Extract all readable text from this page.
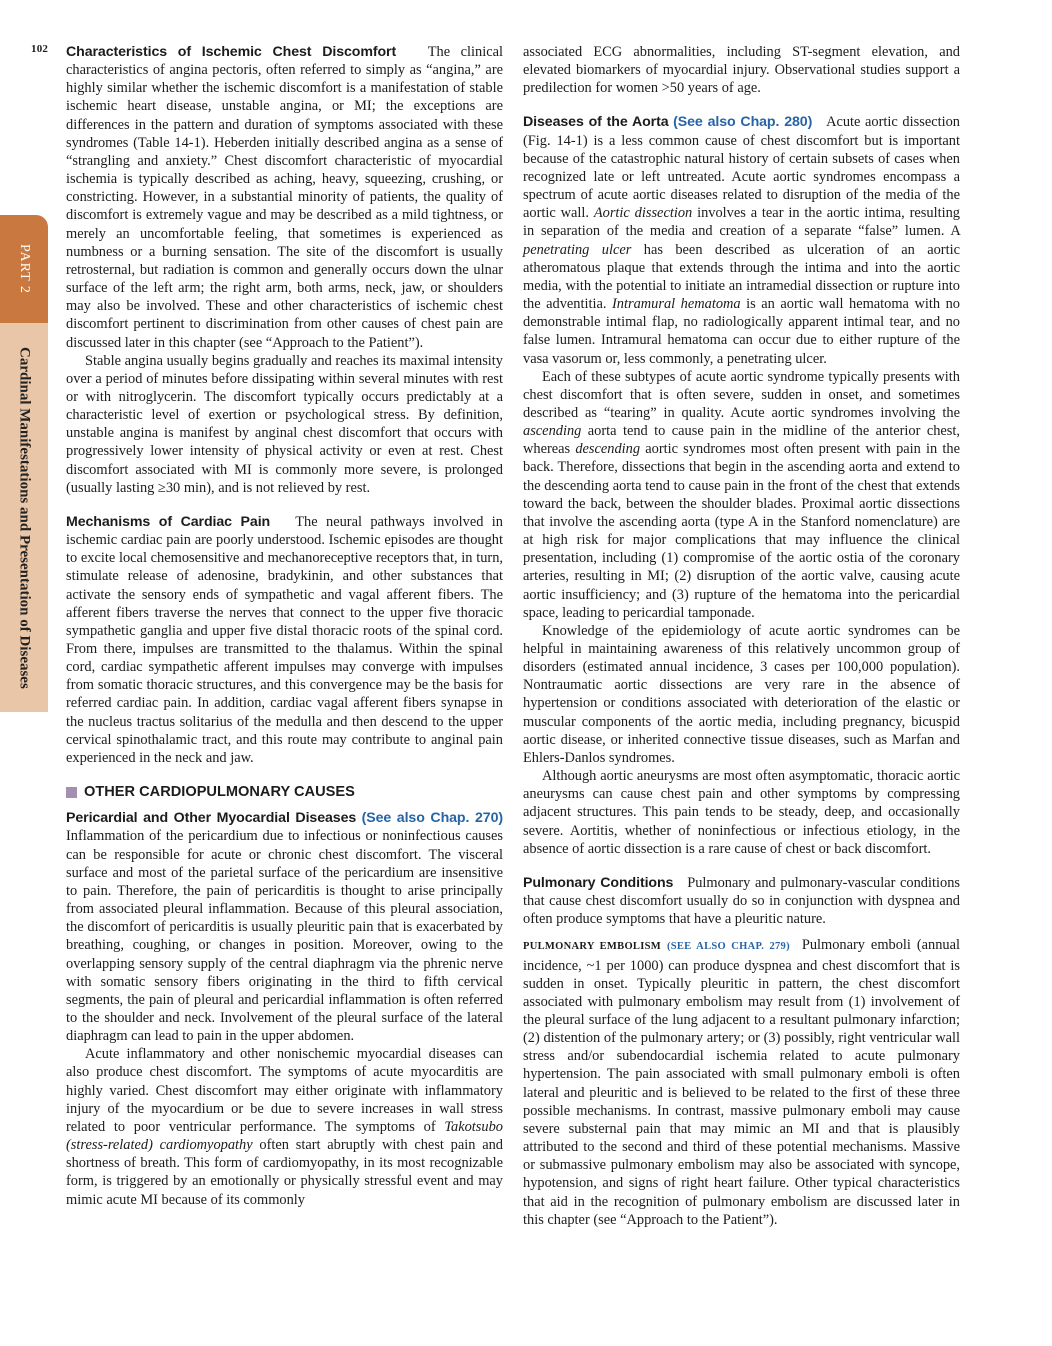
102
PART 2
Cardinal Manifestations and Presentation of Diseases

Characteristics of Ischemic Chest Discomfort The clinical characteristics of angina pectoris, often referred to simply as “angina,” are highly similar whether the ischemic discomfort is a manifestation of stable ischemic heart disease, unstable angina, or MI; the exceptions are differences in the pattern and duration of symptoms associated with these syndromes (Table 14-1). Heberden initially described angina as a sense of “strangling and anxiety.” Chest discomfort characteristic of myocardial ischemia is typically described as aching, heavy, squeezing, crushing, or constricting. However, in a substantial minority of patients, the quality of discomfort is extremely vague and may be described as a mild tightness, or merely an uncomfortable feeling, that sometimes is experienced as numbness or a burning sensation. The site of the discomfort is usually retrosternal, but radiation is common and generally occurs down the ulnar surface of the left arm; the right arm, both arms, neck, jaw, or shoulders may also be involved. These and other characteristics of ischemic chest discomfort pertinent to discrimination from other causes of chest pain are discussed later in this chapter (see “Approach to the Patient”).

Stable angina usually begins gradually and reaches its maximal intensity over a period of minutes before dissipating within several minutes with rest or with nitroglycerin. The discomfort typically occurs predictably at a characteristic level of exertion or psychological stress. By definition, unstable angina is manifest by anginal chest discomfort that occurs with progressively lower intensity of physical activity or even at rest. Chest discomfort associated with MI is commonly more severe, is prolonged (usually lasting ≥30 min), and is not relieved by rest.

Mechanisms of Cardiac Pain The neural pathways involved in ischemic cardiac pain are poorly understood. Ischemic episodes are thought to excite local chemosensitive and mechanoreceptive receptors that, in turn, stimulate release of adenosine, bradykinin, and other substances that activate the sensory ends of sympathetic and vagal afferent fibers. The afferent fibers traverse the nerves that connect to the upper five thoracic sympathetic ganglia and upper five distal thoracic roots of the spinal cord. From there, impulses are transmitted to the thalamus. Within the spinal cord, cardiac sympathetic afferent impulses may converge with impulses from somatic thoracic structures, and this convergence may be the basis for referred cardiac pain. In addition, cardiac vagal afferent fibers synapse in the nucleus tractus solitarius of the medulla and then descend to the upper cervical spinothalamic tract, and this route may contribute to anginal pain experienced in the neck and jaw.

OTHER CARDIOPULMONARY CAUSES

Pericardial and Other Myocardial Diseases (See also Chap. 270) Inflammation of the pericardium due to infectious or noninfectious causes can be responsible for acute or chronic chest discomfort. The visceral surface and most of the parietal surface of the pericardium are insensitive to pain. Therefore, the pain of pericarditis is thought to arise principally from associated pleural inflammation. Because of this pleural association, the discomfort of pericarditis is usually pleuritic pain that is exacerbated by breathing, coughing, or changes in position. Moreover, owing to the overlapping sensory supply of the central diaphragm via the phrenic nerve with somatic sensory fibers originating in the third to fifth cervical segments, the pain of pleural and pericardial inflammation is often referred to the shoulder and neck. Involvement of the pleural surface of the lateral diaphragm can lead to pain in the upper abdomen.

Acute inflammatory and other nonischemic myocardial diseases can also produce chest discomfort. The symptoms of acute myocarditis are highly varied. Chest discomfort may either originate with inflammatory injury of the myocardium or be due to severe increases in wall stress related to poor ventricular performance. The symptoms of Takotsubo (stress-related) cardiomyopathy often start abruptly with chest pain and shortness of breath. This form of cardiomyopathy, in its most recognizable form, is triggered by an emotionally or physically stressful event and may mimic acute MI because of its commonly

associated ECG abnormalities, including ST-segment elevation, and elevated biomarkers of myocardial injury. Observational studies support a predilection for women >50 years of age.

Diseases of the Aorta (See also Chap. 280) Acute aortic dissection (Fig. 14-1) is a less common cause of chest discomfort but is important because of the catastrophic natural history of certain subsets of cases when recognized late or left untreated. Acute aortic syndromes encompass a spectrum of acute aortic diseases related to disruption of the media of the aortic wall. Aortic dissection involves a tear in the aortic intima, resulting in separation of the media and creation of a separate “false” lumen. A penetrating ulcer has been described as ulceration of an aortic atheromatous plaque that extends through the intima and into the aortic media, with the potential to initiate an intramedial dissection or rupture into the adventitia. Intramural hematoma is an aortic wall hematoma with no demonstrable intimal flap, no radiologically apparent intimal tear, and no false lumen. Intramural hematoma can occur due to either rupture of the vasa vasorum or, less commonly, a penetrating ulcer.

Each of these subtypes of acute aortic syndrome typically presents with chest discomfort that is often severe, sudden in onset, and sometimes described as “tearing” in quality. Acute aortic syndromes involving the ascending aorta tend to cause pain in the midline of the anterior chest, whereas descending aortic syndromes most often present with pain in the back. Therefore, dissections that begin in the ascending aorta and extend to the descending aorta tend to cause pain in the front of the chest that extends toward the back, between the shoulder blades. Proximal aortic dissections that involve the ascending aorta (type A in the Stanford nomenclature) are at high risk for major complications that may influence the clinical presentation, including (1) compromise of the aortic ostia of the coronary arteries, resulting in MI; (2) disruption of the aortic valve, causing acute aortic insufficiency; and (3) rupture of the hematoma into the pericardial space, leading to pericardial tamponade.

Knowledge of the epidemiology of acute aortic syndromes can be helpful in maintaining awareness of this relatively uncommon group of disorders (estimated annual incidence, 3 cases per 100,000 population). Nontraumatic aortic dissections are very rare in the absence of hypertension or conditions associated with deterioration of the elastic or muscular components of the aortic media, including pregnancy, bicuspid aortic disease, or inherited connective tissue diseases, such as Marfan and Ehlers-Danlos syndromes.

Although aortic aneurysms are most often asymptomatic, thoracic aortic aneurysms can cause chest pain and other symptoms by compressing adjacent structures. This pain tends to be steady, deep, and occasionally severe. Aortitis, whether of noninfectious or infectious etiology, in the absence of aortic dissection is a rare cause of chest or back discomfort.

Pulmonary Conditions Pulmonary and pulmonary-vascular conditions that cause chest discomfort usually do so in conjunction with dyspnea and often produce symptoms that have a pleuritic nature.

PULMONARY EMBOLISM (SEE ALSO CHAP. 279) Pulmonary emboli (annual incidence, ~1 per 1000) can produce dyspnea and chest discomfort that is sudden in onset. Typically pleuritic in pattern, the chest discomfort associated with pulmonary embolism may result from (1) involvement of the pleural surface of the lung adjacent to a resultant pulmonary infarction; (2) distention of the pulmonary artery; or (3) possibly, right ventricular wall stress and/or subendocardial ischemia related to acute pulmonary hypertension. The pain associated with small pulmonary emboli is often lateral and pleuritic and is believed to be related to the first of these three possible mechanisms. In contrast, massive pulmonary emboli may cause severe substernal pain that may mimic an MI and that is plausibly attributed to the second and third of these potential mechanisms. Massive or submassive pulmonary embolism may also be associated with syncope, hypotension, and signs of right heart failure. Other typical characteristics that aid in the recognition of pulmonary embolism are discussed later in this chapter (see “Approach to the Patient”).
